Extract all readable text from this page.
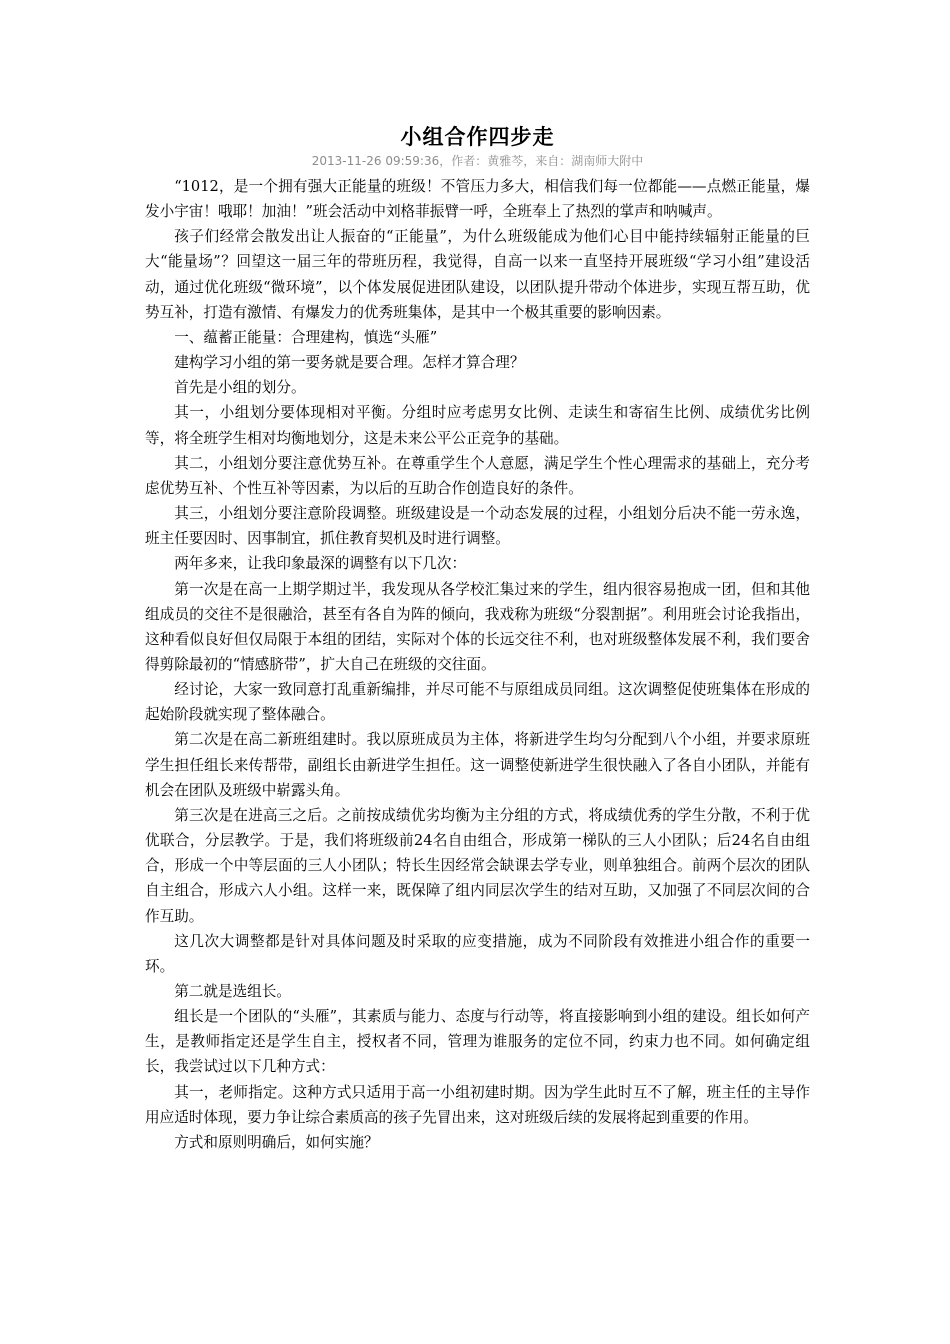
小组合作四步走
2013-11-26 09:59:36，作者：黄雅芩，来自：湖南师大附中

“1012，是一个拥有强大正能量的班级！不管压力多大，相信我们每一位都能——点燃正能量，爆发小宇宙！哦耶！加油！”班会活动中刘格菲振臂一呼，全班奉上了热烈的掌声和呐喊声。

孩子们经常会散发出让人振奋的“正能量”，为什么班级能成为他们心目中能持续辐射正能量的巨大“能量场”？回望这一届三年的带班历程，我觉得，自高一以来一直坚持开展班级“学习小组”建设活动，通过优化班级“微环境”，以个体发展促进团队建设，以团队提升带动个体进步，实现互帮互助，优势互补，打造有激情、有爆发力的优秀班集体，是其中一个极其重要的影响因素。

一、蕴蓄正能量：合理建构，慎选“头雁”

建构学习小组的第一要务就是要合理。怎样才算合理？

首先是小组的划分。

其一，小组划分要体现相对平衡。分组时应考虑男女比例、走读生和寄宿生比例、成绩优劣比例等，将全班学生相对均衡地划分，这是未来公平公正竞争的基础。

其二，小组划分要注意优势互补。在尊重学生个人意愿，满足学生个性心理需求的基础上，充分考虑优势互补、个性互补等因素，为以后的互助合作创造良好的条件。

其三，小组划分要注意阶段调整。班级建设是一个动态发展的过程，小组划分后决不能一劳永逸，班主任要因时、因事制宜，抓住教育契机及时进行调整。

两年多来，让我印象最深的调整有以下几次：

第一次是在高一上期学期过半，我发现从各学校汇集过来的学生，组内很容易抱成一团，但和其他组成员的交往不是很融洽，甚至有各自为阵的倾向，我戏称为班级“分裂割据”。利用班会讨论我指出，这种看似良好但仅局限于本组的团结，实际对个体的长远交往不利，也对班级整体发展不利，我们要舍得剪除最初的“情感脐带”，扩大自己在班级的交往面。

经讨论，大家一致同意打乱重新编排，并尽可能不与原组成员同组。这次调整促使班集体在形成的起始阶段就实现了整体融合。

第二次是在高二新班组建时。我以原班成员为主体，将新进学生均匀分配到八个小组，并要求原班学生担任组长来传帮带，副组长由新进学生担任。这一调整使新进学生很快融入了各自小团队，并能有机会在团队及班级中崭露头角。

第三次是在进高三之后。之前按成绩优劣均衡为主分组的方式，将成绩优秀的学生分散，不利于优优联合，分层教学。于是，我们将班级前24名自由组合，形成第一梯队的三人小团队；后24名自由组合，形成一个中等层面的三人小团队；特长生因经常会缺课去学专业，则单独组合。前两个层次的团队自主组合，形成六人小组。这样一来，既保障了组内同层次学生的结对互助，又加强了不同层次间的合作互助。

这几次大调整都是针对具体问题及时采取的应变措施，成为不同阶段有效推进小组合作的重要一环。

第二就是选组长。

组长是一个团队的“头雁”，其素质与能力、态度与行动等，将直接影响到小组的建设。组长如何产生，是教师指定还是学生自主，授权者不同，管理为谁服务的定位不同，约束力也不同。如何确定组长，我尝试过以下几种方式：

其一，老师指定。这种方式只适用于高一小组初建时期。因为学生此时互不了解，班主任的主导作用应适时体现，要力争让综合素质高的孩子先冒出来，这对班级后续的发展将起到重要的作用。

方式和原则明确后，如何实施？
